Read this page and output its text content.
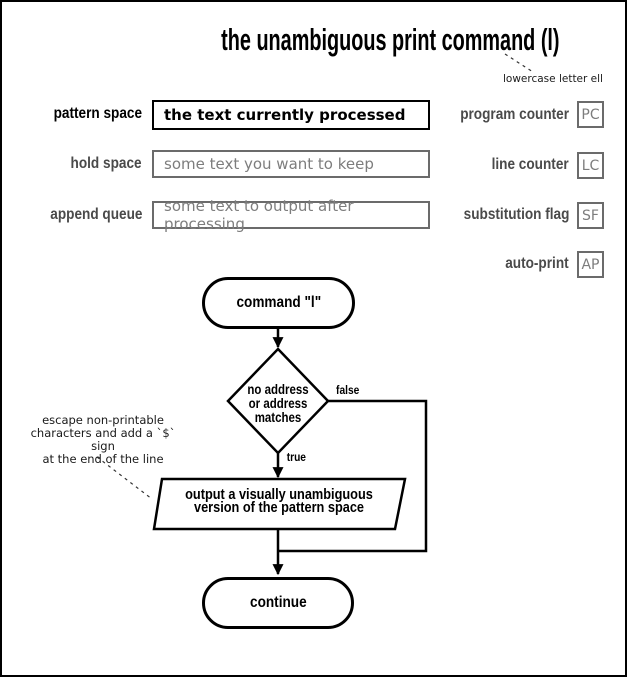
the unambiguous print command (l)
lowercase letter ell
pattern space the text currently processed
hold space some text you want to keep
append queue some text to output after processing
program counter PC
line counter LC
substitution flag SF
auto-print AP
command "l"
no address
or address
matches
false
true
output a visually unambiguous
version of the pattern space
continue
escape non-printable
characters and add a `$` sign
at the end of the line
